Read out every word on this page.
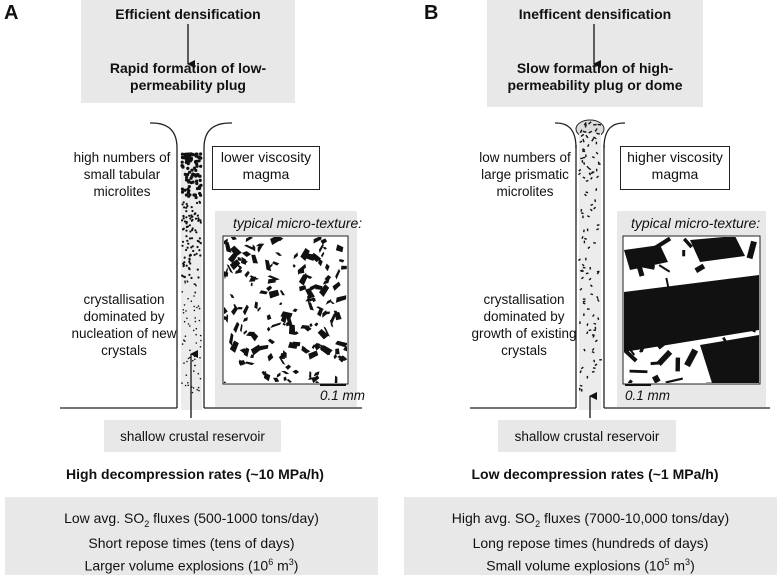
A	Efficient densification
Rapid formation of low-
permeability plug
high numbers of
small tabular
microlites
lower viscosity
magma
crystallisation
dominated by
nucleation of new
crystals
typical micro-texture:
0.1 mm
shallow crustal reservoir
High decompression rates (~10 MPa/h)
Low avg. $SO_2$ fluxes (500-1000 tons/day)
Short repose times (tens of days)
Larger volume explosions ($10^6$ $m^3$)
B	Inefficent densification
Slow formation of high-
permeability plug or dome
low numbers of
large prismatic
microlites
higher viscosity
magma
crystallisation
dominated by
growth of existing
crystals
typical micro-texture:
0.1 mm
shallow crustal reservoir
Low decompression rates (~1 MPa/h)
High avg. $SO_2$ fluxes (7000-10,000 tons/day)
Long repose times (hundreds of days)
Small volume explosions ($10^5$ $m^3$)
